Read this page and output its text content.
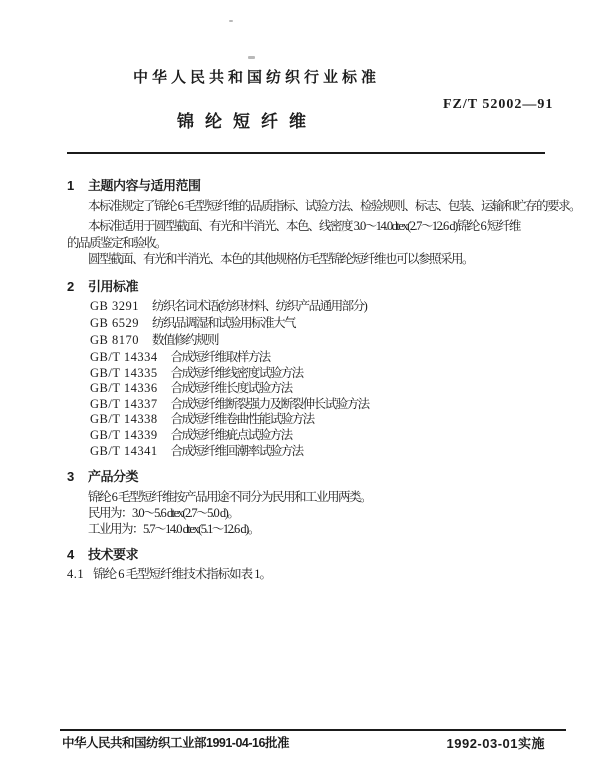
中华人民共和国纺织行业标准
FZ/T 52002—91
锦纶短纤维
1 主题内容与适用范围
本标准规定了锦纶 6 毛型短纤维的品质指标、试验方法、检验规则、标志、包装、运输和贮存的要求。
本标准适用于圆型截面、有光和半消光、本色、线密度 3.0～14.0dtex(2.7～12.6 d)锦纶 6 短纤维
的品质鉴定和验收。
圆型截面、有光和半消光、本色的其他规格仿毛型锦纶短纤维也可以参照采用。
2 引用标准
GB 3291 纺织名词术语(纺织材料、纺织产品通用部分)
GB 6529 纺织品调湿和试验用标准大气
GB 8170 数值修约规则
GB/T 14334 合成短纤维取样方法
GB/T 14335 合成短纤维线密度试验方法
GB/T 14336 合成短纤维长度试验方法
GB/T 14337 合成短纤维断裂强力及断裂伸长试验方法
GB/T 14338 合成短纤维卷曲性能试验方法
GB/T 14339 合成短纤维疵点试验方法
GB/T 14341 合成短纤维回潮率试验方法
3 产品分类
锦纶 6 毛型短纤维按产品用途不同分为民用和工业用两类。
民用为：3.0～5.6 dtex(2.7～5.0 d)。
工业用为：5.7～14.0 dtex(5.1～12.6 d)。
4 技术要求
4.1 锦纶 6 毛型短纤维技术指标如表 1。
中华人民共和国纺织工业部1991-04-16批准	1992-03-01实施
